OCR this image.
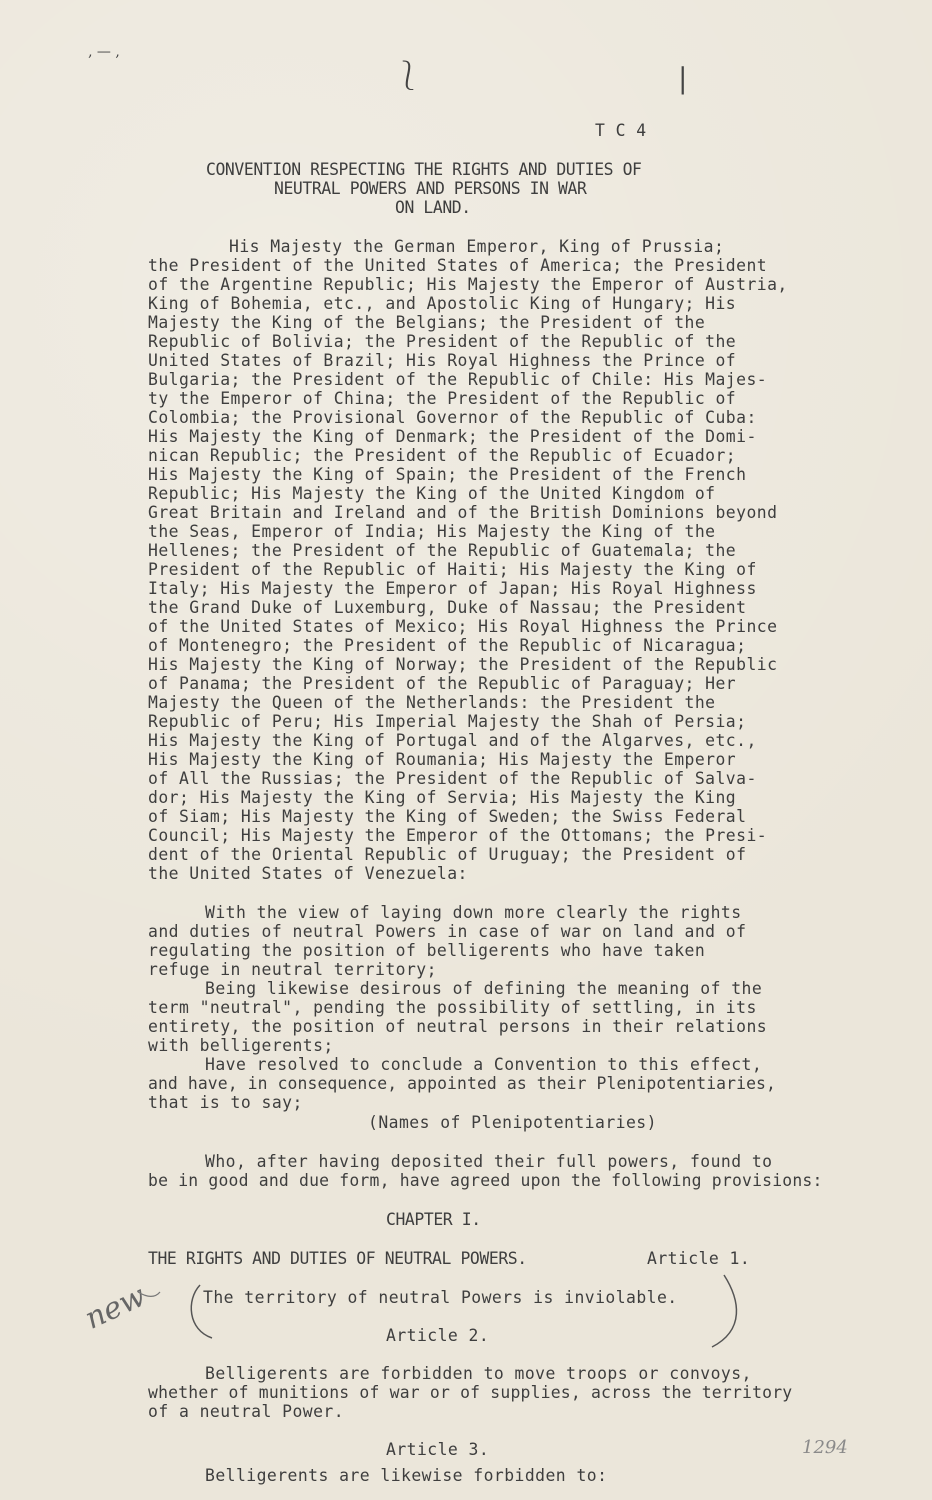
‚ — ,
⎱	|
T C 4
CONVENTION RESPECTING THE RIGHTS AND DUTIES OF
NEUTRAL POWERS AND PERSONS IN WAR
ON LAND.
His Majesty the German Emperor, King of Prussia;
the President of the United States of America; the President
of the Argentine Republic; His Majesty the Emperor of Austria,
King of Bohemia, etc., and Apostolic King of Hungary; His
Majesty the King of the Belgians; the President of the
Republic of Bolivia; the President of the Republic of the
United States of Brazil; His Royal Highness the Prince of
Bulgaria; the President of the Republic of Chile: His Majes-
ty the Emperor of China; the President of the Republic of
Colombia; the Provisional Governor of the Republic of Cuba:
His Majesty the King of Denmark; the President of the Domi-
nican Republic; the President of the Republic of Ecuador;
His Majesty the King of Spain; the President of the French
Republic; His Majesty the King of the United Kingdom of
Great Britain and Ireland and of the British Dominions beyond
the Seas, Emperor of India; His Majesty the King of the
Hellenes; the President of the Republic of Guatemala; the
President of the Republic of Haiti; His Majesty the King of
Italy; His Majesty the Emperor of Japan; His Royal Highness
the Grand Duke of Luxemburg, Duke of Nassau; the President
of the United States of Mexico; His Royal Highness the Prince
of Montenegro; the President of the Republic of Nicaragua;
His Majesty the King of Norway; the President of the Republic
of Panama; the President of the Republic of Paraguay; Her
Majesty the Queen of the Netherlands: the President the
Republic of Peru; His Imperial Majesty the Shah of Persia;
His Majesty the King of Portugal and of the Algarves, etc.,
His Majesty the King of Roumania; His Majesty the Emperor
of All the Russias; the President of the Republic of Salva-
dor; His Majesty the King of Servia; His Majesty the King
of Siam; His Majesty the King of Sweden; the Swiss Federal
Council; His Majesty the Emperor of the Ottomans; the Presi-
dent of the Oriental Republic of Uruguay; the President of
the United States of Venezuela:
With the view of laying down more clearly the rights
and duties of neutral Powers in case of war on land and of
regulating the position of belligerents who have taken
refuge in neutral territory;
Being likewise desirous of defining the meaning of the
term "neutral", pending the possibility of settling, in its
entirety, the position of neutral persons in their relations
with belligerents;
Have resolved to conclude a Convention to this effect,
and have, in consequence, appointed as their Plenipotentiaries,
that is to say;
(Names of Plenipotentiaries)
Who, after having deposited their full powers, found to
be in good and due form, have agreed upon the following provisions:
CHAPTER I.
THE RIGHTS AND DUTIES OF NEUTRAL POWERS.	Article 1.
The territory of neutral Powers is inviolable.
Article 2.
Belligerents are forbidden to move troops or convoys,
whether of munitions of war or of supplies, across the territory
of a neutral Power.
Article 3.
Belligerents are likewise forbidden to:
new
1294
